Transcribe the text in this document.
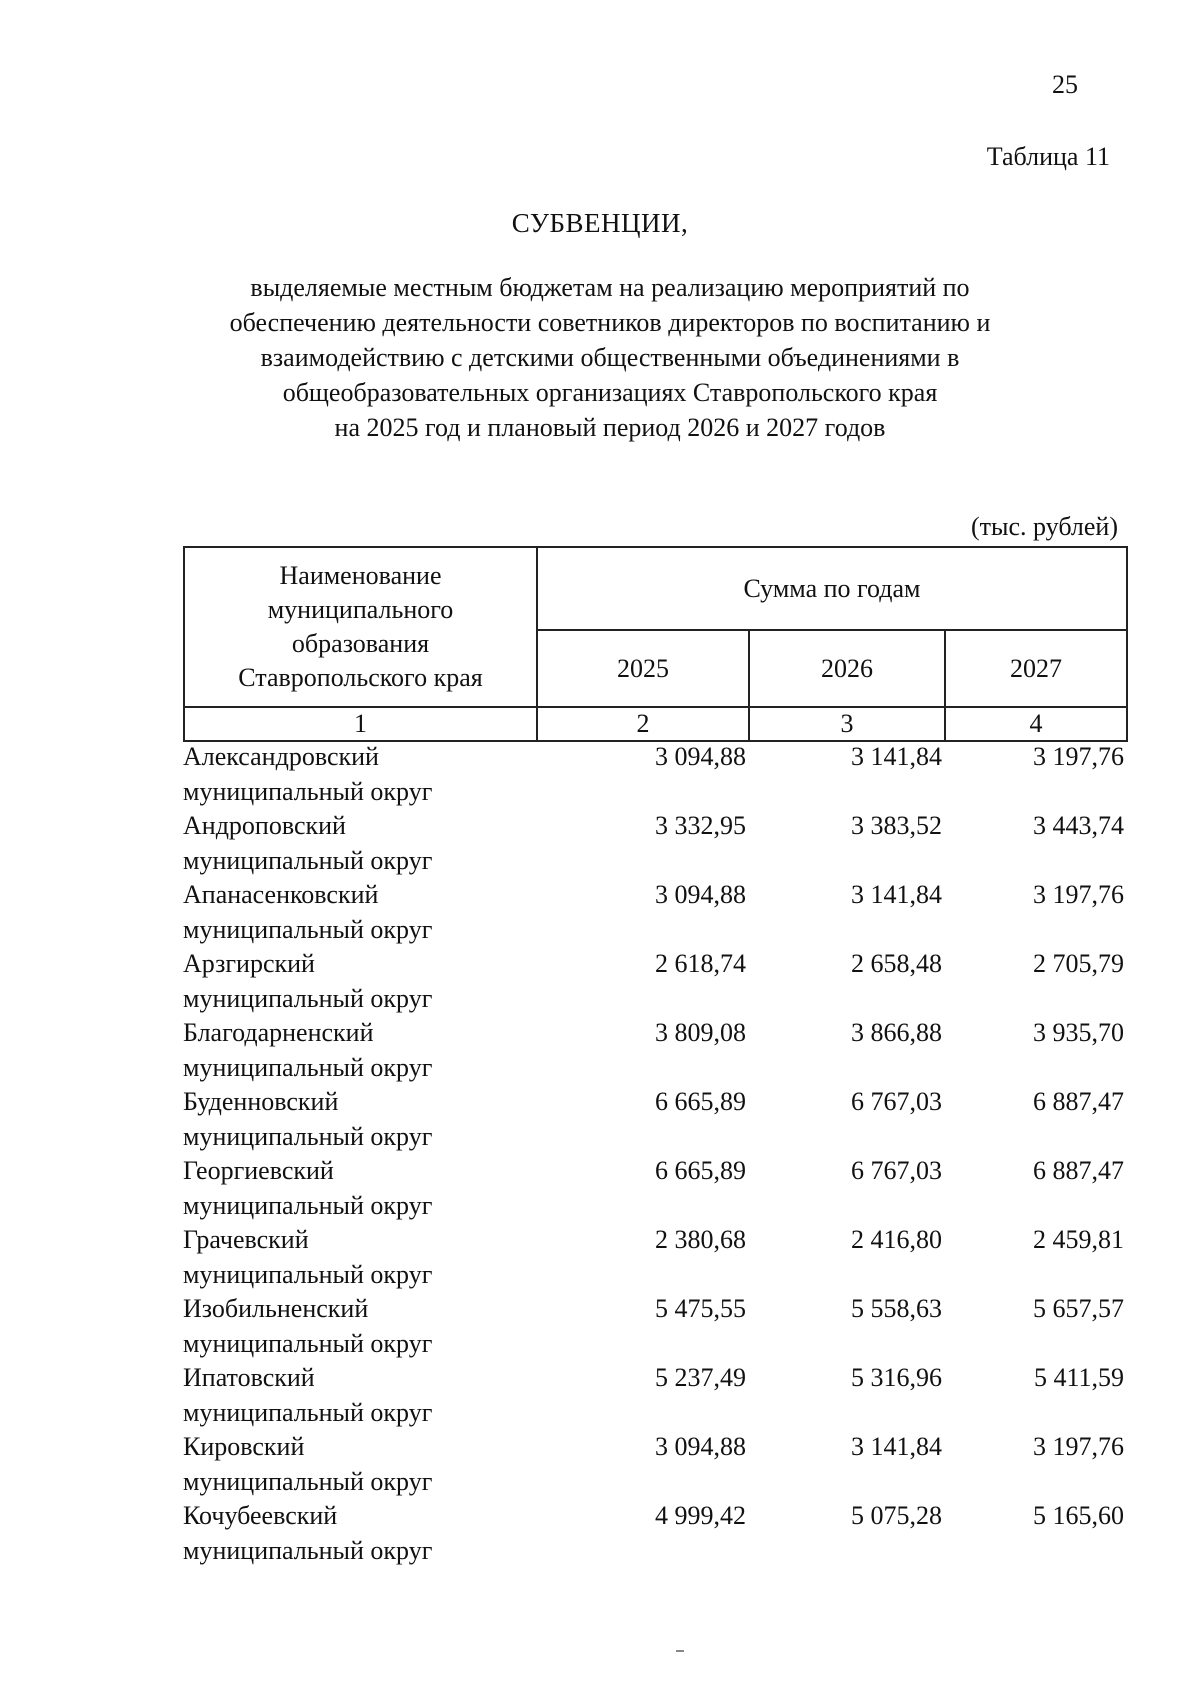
25
Таблица 11
СУБВЕНЦИИ,
выделяемые местным бюджетам на реализацию мероприятий по
обеспечению деятельности советников директоров по воспитанию и
взаимодействию с детскими общественными объединениями в
общеобразовательных организациях Ставропольского края
на 2025 год и плановый период 2026 и 2027 годов
(тыс. рублей)
Наименование
муниципального
образования
Ставропольского края	Сумма по годам		
	2025	2026	2027
1	2	3	4
Александровский
муниципальный округ	3 094,88	3 141,84	3 197,76

Андроповский
муниципальный округ	3 332,95	3 383,52	3 443,74

Апанасенковский
муниципальный округ	3 094,88	3 141,84	3 197,76

Арзгирский
муниципальный округ	2 618,74	2 658,48	2 705,79

Благодарненский
муниципальный округ	3 809,08	3 866,88	3 935,70

Буденновский
муниципальный округ	6 665,89	6 767,03	6 887,47

Георгиевский
муниципальный округ	6 665,89	6 767,03	6 887,47

Грачевский
муниципальный округ	2 380,68	2 416,80	2 459,81

Изобильненский
муниципальный округ	5 475,55	5 558,63	5 657,57

Ипатовский
муниципальный округ	5 237,49	5 316,96	5 411,59

Кировский
муниципальный округ	3 094,88	3 141,84	3 197,76

Кочубеевский
муниципальный округ	4 999,42	5 075,28	5 165,60
